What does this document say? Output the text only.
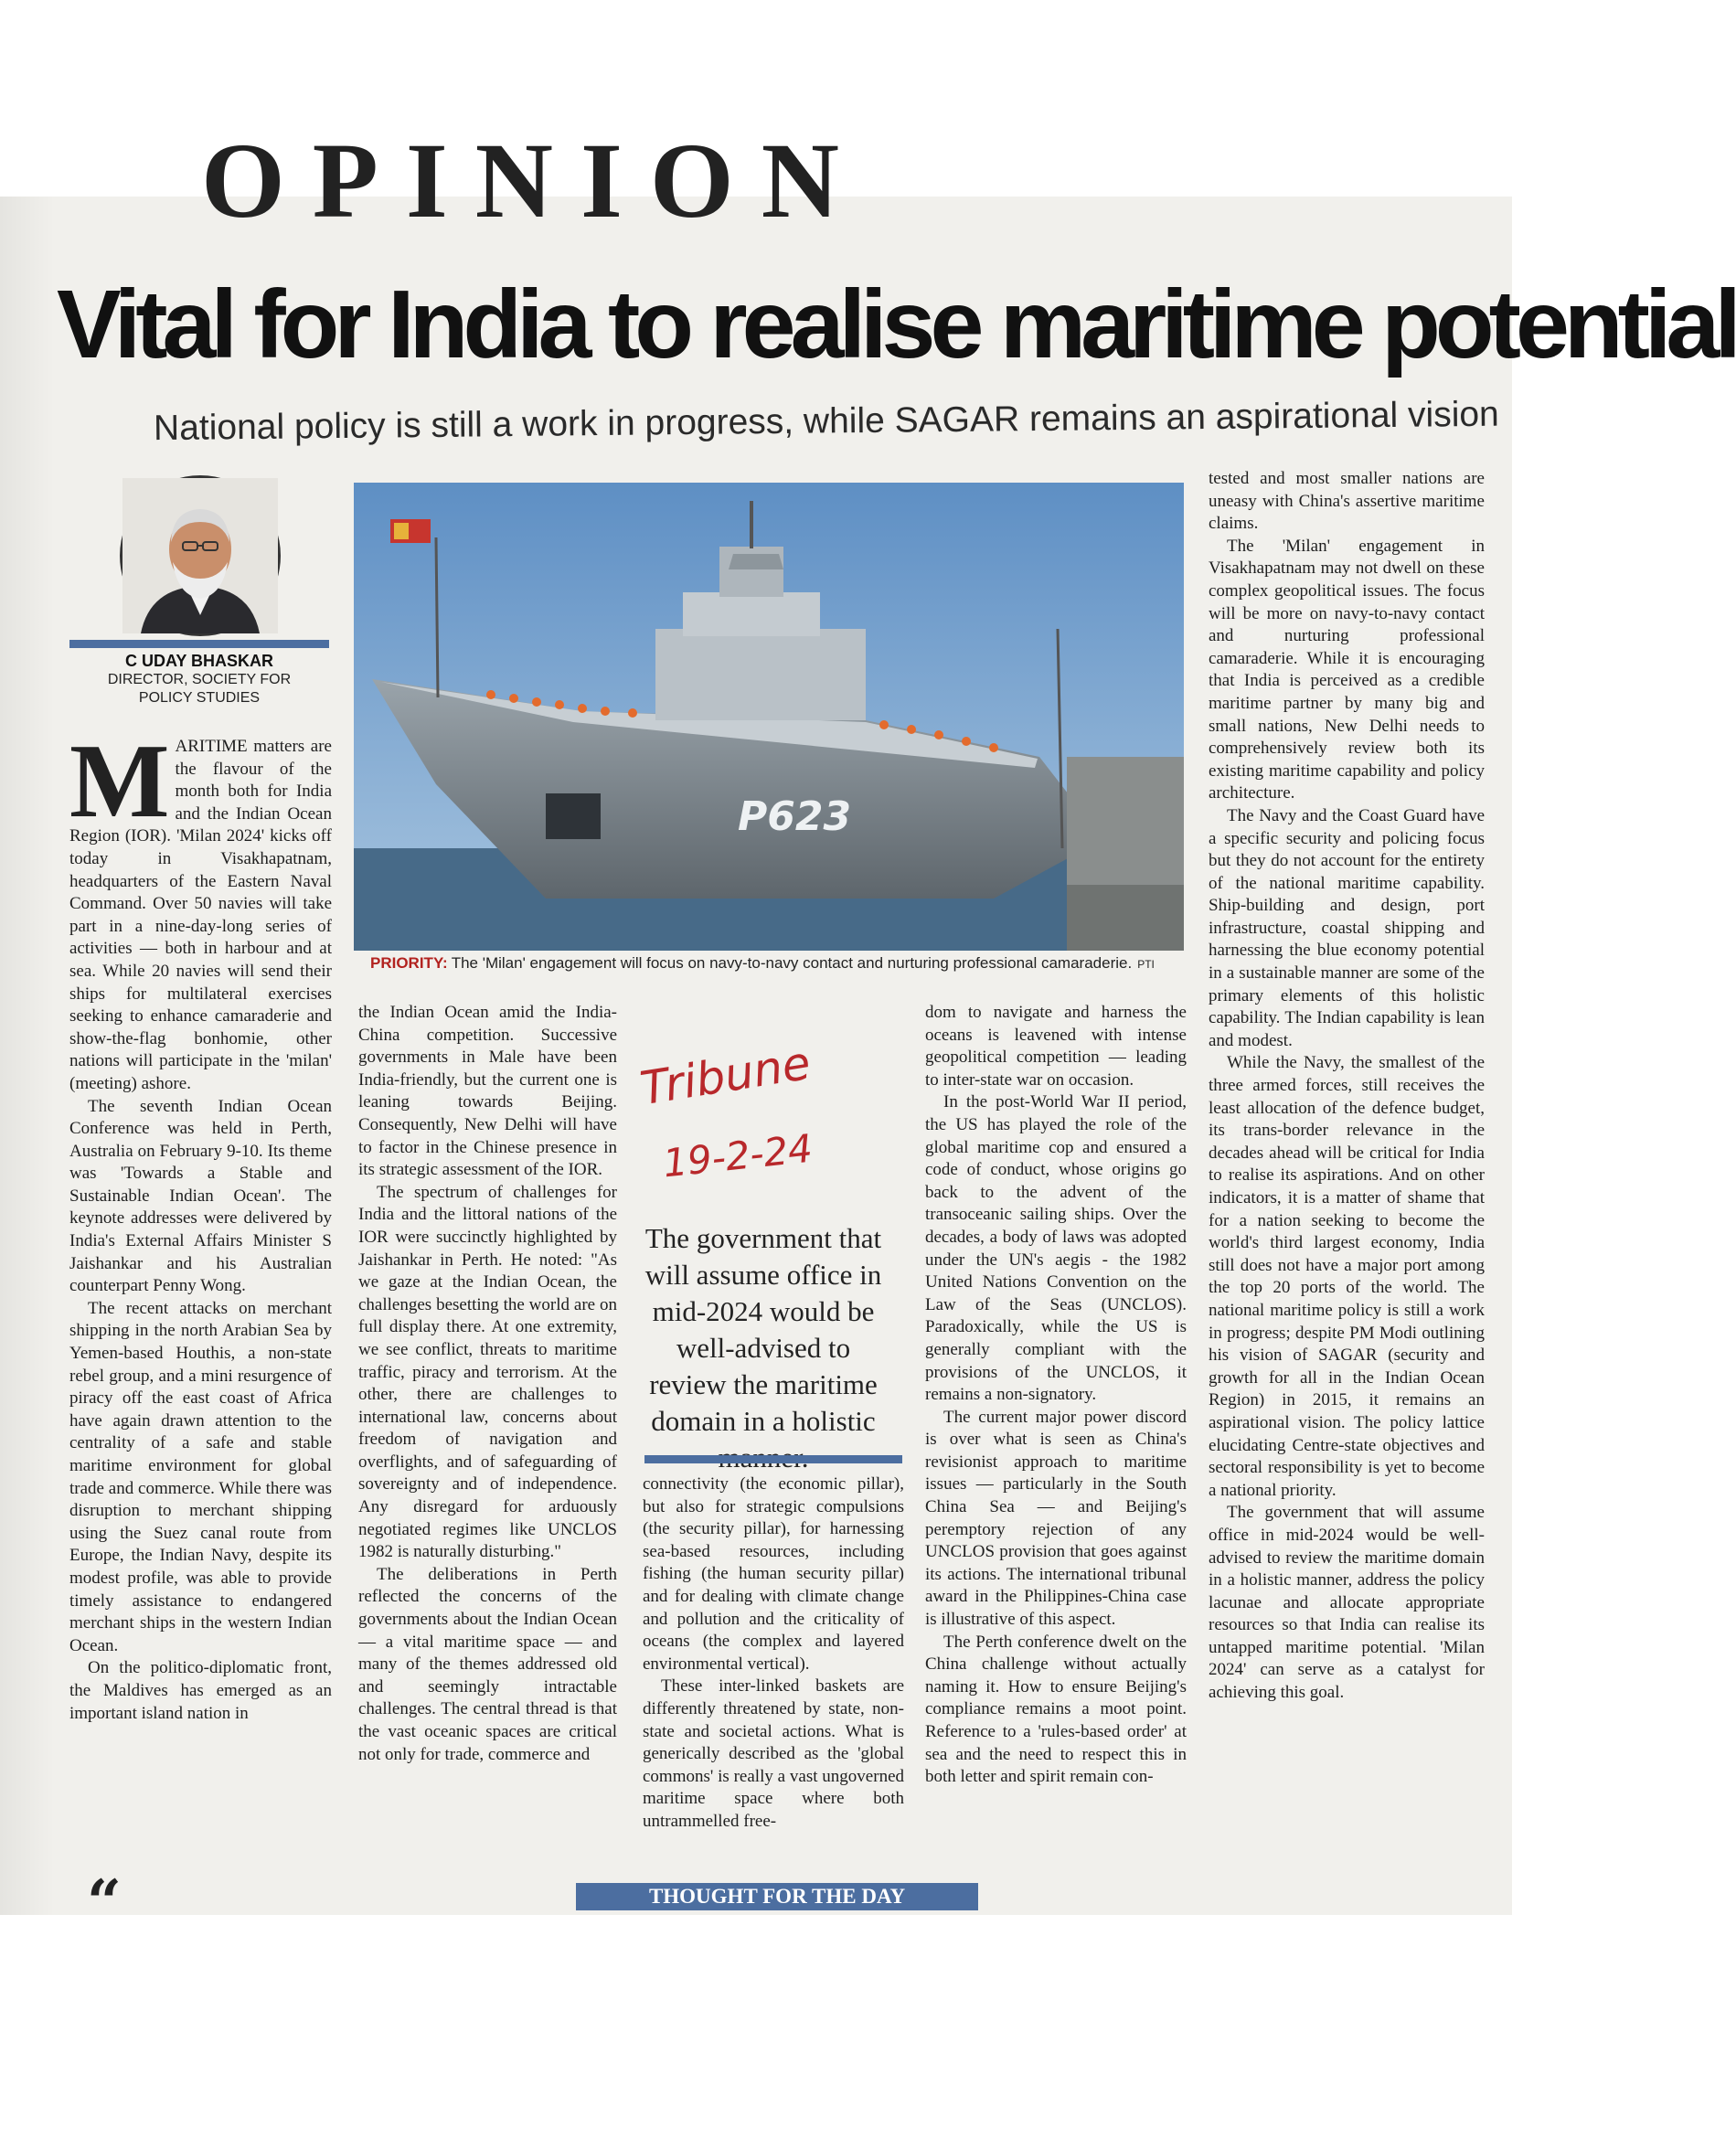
OPINION
Vital for India to realise maritime potential
National policy is still a work in progress, while SAGAR remains an aspirational vision
C UDAY BHASKAR
DIRECTOR, SOCIETY FOR
POLICY STUDIES
P623
PRIORITY: The 'Milan' engagement will focus on navy-to-navy contact and nurturing professional camaraderie. PTI

MARITIME matters are the flavour of the month both for India and the Indian Ocean Region (IOR). 'Milan 2024' kicks off today in Visakhapatnam, headquarters of the Eastern Naval Command. Over 50 navies will take part in a nine-day-long series of activities — both in harbour and at sea. While 20 navies will send their ships for multilateral exercises seeking to enhance camaraderie and show-the-flag bonhomie, other nations will participate in the 'milan' (meeting) ashore.

The seventh Indian Ocean Conference was held in Perth, Australia on February 9-10. Its theme was 'Towards a Stable and Sustainable Indian Ocean'. The keynote addresses were delivered by India's External Affairs Minister S Jaishankar and his Australian counterpart Penny Wong.

The recent attacks on merchant shipping in the north Arabian Sea by Yemen-based Houthis, a non-state rebel group, and a mini resurgence of piracy off the east coast of Africa have again drawn attention to the centrality of a safe and stable maritime environment for global trade and commerce. While there was disruption to merchant shipping using the Suez canal route from Europe, the Indian Navy, despite its modest profile, was able to provide timely assistance to endangered merchant ships in the western Indian Ocean.

On the politico-diplomatic front, the Maldives has emerged as an important island nation in

the Indian Ocean amid the India-China competition. Successive governments in Male have been India-friendly, but the current one is leaning towards Beijing. Consequently, New Delhi will have to factor in the Chinese presence in its strategic assessment of the IOR.

The spectrum of challenges for India and the littoral nations of the IOR were succinctly highlighted by Jaishankar in Perth. He noted: "As we gaze at the Indian Ocean, the challenges besetting the world are on full display there. At one extremity, we see conflict, threats to maritime traffic, piracy and terrorism. At the other, there are challenges to international law, concerns about freedom of navigation and overflights, and of safeguarding of sovereignty and of independence. Any disregard for arduously negotiated regimes like UNCLOS 1982 is naturally disturbing."

The deliberations in Perth reflected the concerns of the governments about the Indian Ocean — a vital maritime space — and many of the themes addressed old and seemingly intractable challenges. The central thread is that the vast oceanic spaces are critical not only for trade, commerce and

Tribune
19-2-24
The government that will assume office in mid-2024 would be well-advised to review the maritime domain in a holistic

connectivity (the economic pillar), but also for strategic compulsions (the security pillar), for harnessing sea-based resources, including fishing (the human security pillar) and for dealing with climate change and pollution and the criticality of oceans (the complex and layered environmental vertical).

These inter-linked baskets are differently threatened by state, non-state and societal actions. What is generically described as the 'global commons' is really a vast ungoverned maritime space where both untrammelled free-

dom to navigate and harness the oceans is leavened with intense geopolitical competition — leading to inter-state war on occasion.

In the post-World War II period, the US has played the role of the global maritime cop and ensured a code of conduct, whose origins go back to the advent of the transoceanic sailing ships. Over the decades, a body of laws was adopted under the UN's aegis - the 1982 United Nations Convention on the Law of the Seas (UNCLOS). Paradoxically, while the US is generally compliant with the provisions of the UNCLOS, it remains a non-signatory.

The current major power discord is over what is seen as China's revisionist approach to maritime issues — particularly in the South China Sea — and Beijing's peremptory rejection of any UNCLOS provision that goes against its actions. The international tribunal award in the Philippines-China case is illustrative of this aspect.

The Perth conference dwelt on the China challenge without actually naming it. How to ensure Beijing's compliance remains a moot point. Reference to a 'rules-based order' at sea and the need to respect this in both letter and spirit remain con-

tested and most smaller nations are uneasy with China's assertive maritime claims.

The 'Milan' engagement in Visakhapatnam may not dwell on these complex geopolitical issues. The focus will be more on navy-to-navy contact and nurturing professional camaraderie. While it is encouraging that India is perceived as a credible maritime partner by many big and small nations, New Delhi needs to comprehensively review both its existing maritime capability and policy architecture.

The Navy and the Coast Guard have a specific security and policing focus but they do not account for the entirety of the national maritime capability. Ship-building and design, port infrastructure, coastal shipping and harnessing the blue economy potential in a sustainable manner are some of the primary elements of this holistic capability. The Indian capability is lean and modest.

While the Navy, the smallest of the three armed forces, still receives the least allocation of the defence budget, its trans-border relevance in the decades ahead will be critical for India to realise its aspirations. And on other indicators, it is a matter of shame that for a nation seeking to become the world's third largest economy, India still does not have a major port among the top 20 ports of the world. The national maritime policy is still a work in progress; despite PM Modi outlining his vision of SAGAR (security and growth for all in the Indian Ocean Region) in 2015, it remains an aspirational vision. The policy lattice elucidating Centre-state objectives and sectoral responsibility is yet to become a national priority.

The government that will assume office in mid-2024 would be well-advised to review the maritime domain in a holistic manner, address the policy lacunae and allocate appropriate resources so that India can realise its untapped maritime potential. 'Milan 2024' can serve as a catalyst for achieving this goal.

“	THOUGHT FOR THE DAY
